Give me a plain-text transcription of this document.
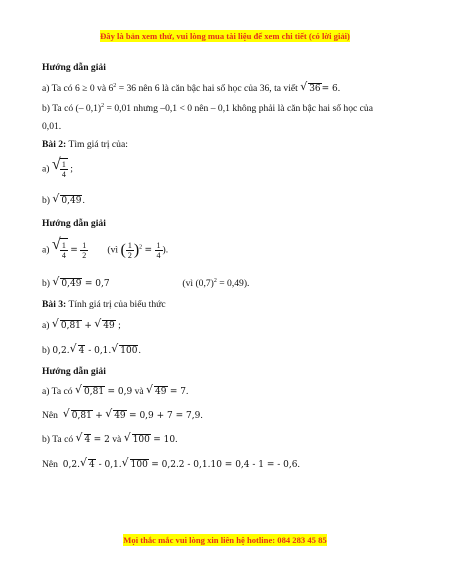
Đây là bản xem thử, vui lòng mua tài liệu để xem chi tiết (có lời giải)
Hướng dẫn giải
a) Ta có 6 ≥ 0 và $6^2 = 36$ nên 6 là căn bậc hai số học của 36, ta viết √ 36= 6.
b) Ta có (– 0,1)$^2$ = 0,01 nhưng –0,1 < 0 nên – 0,1 không phải là căn bậc hai số học của
0,01.
Bài 2: Tìm giá trị của:
a) √ $\frac{1}{4}$ ;
b) √ 0,49.
Hướng dẫn giải
a) √ $\frac{1}{4} = \frac{1}{2}$ (vì ( $\frac{1}{2} )^2 = \frac{1}{4}$ ).
b) √ 0,49 = 0,7	(vì $(0,7)^2 = 0,49$).
Bài 3: Tính giá trị của biểu thức
a) √ 0,81 + √ 49 ;
b) 0,2. √ 4 - 0,1. √ 100.
Hướng dẫn giải
a) Ta có √ 0,81 = 0,9 và √ 49 = 7.
Nên √ 0,81 + √ 49 = 0,9 + 7 = 7,9.
b) Ta có √ 4 = 2 và √ 100 = 10.
Nên 0,2. √ 4 - 0,1. √ 100 = 0,2.2 - 0,1.10 = 0,4 - 1 = - 0,6.
Mọi thắc mắc vui lòng xin liên hệ hotline: 084 283 45 85
